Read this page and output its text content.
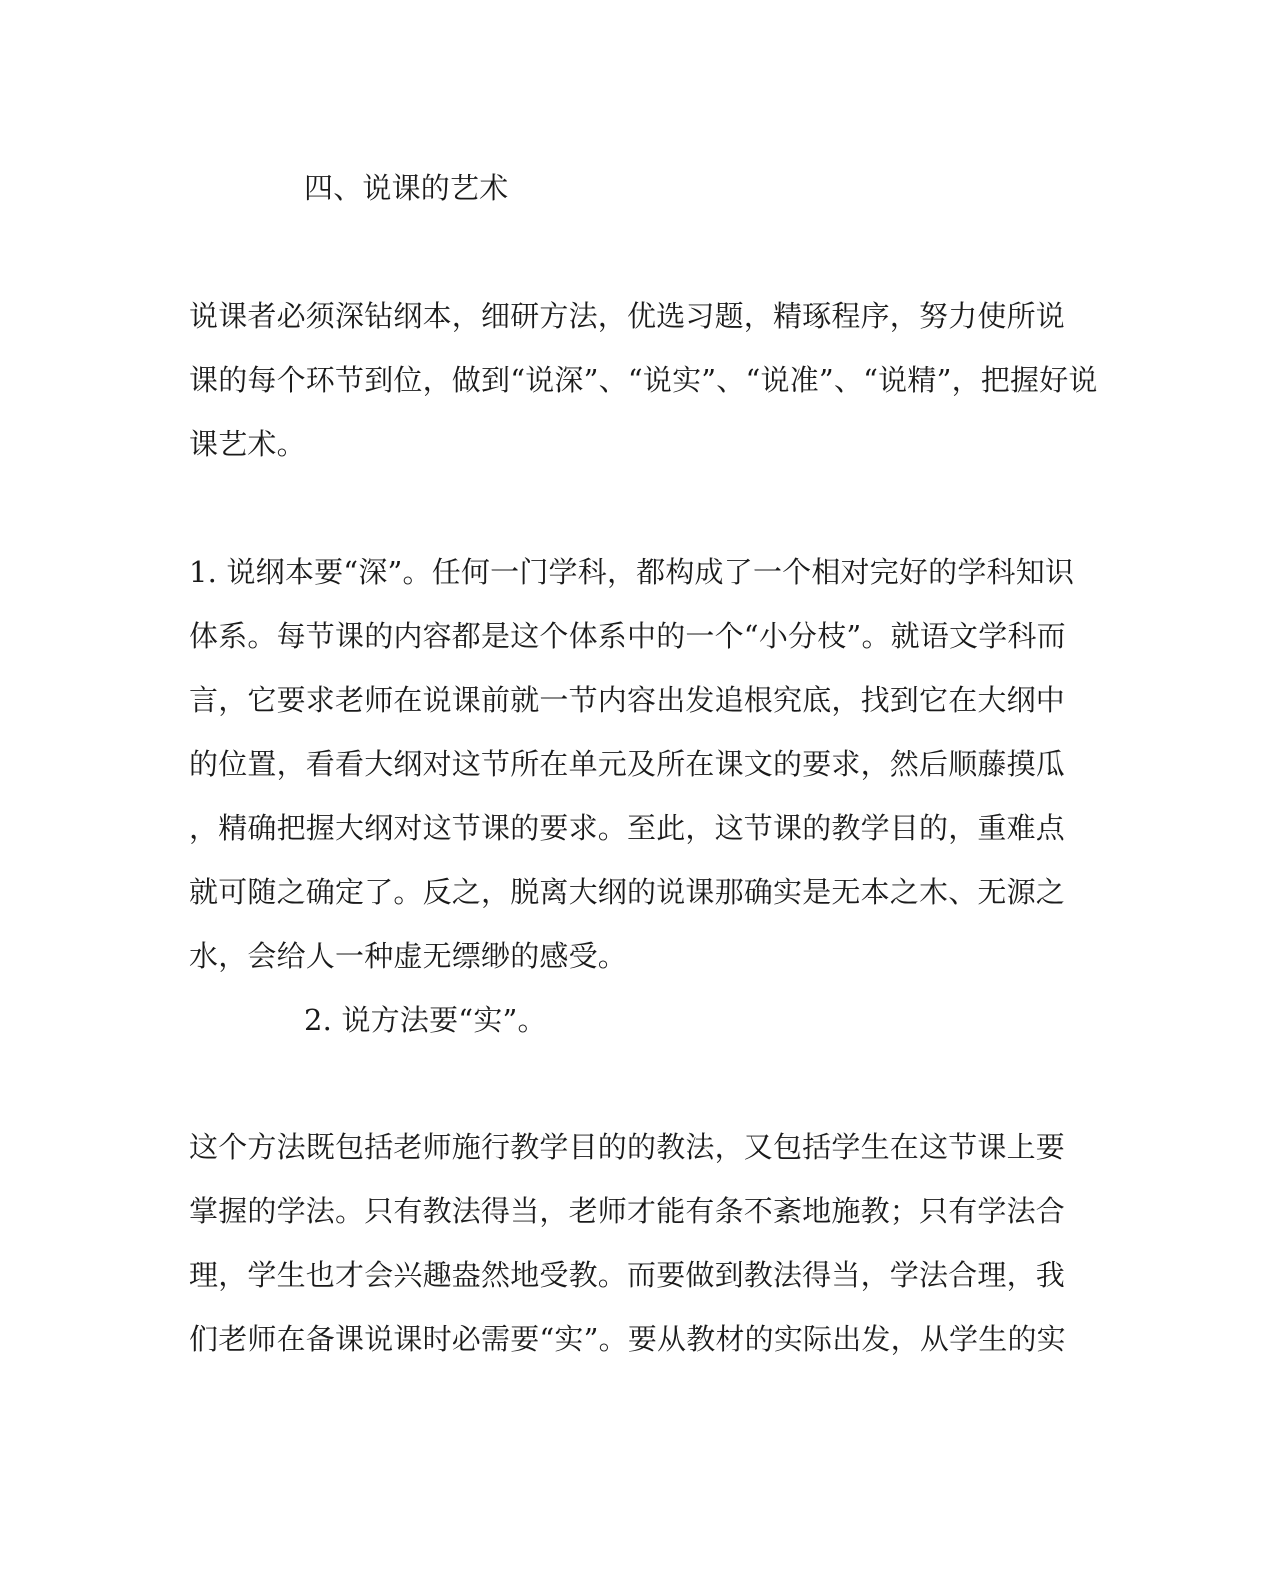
四、说课的艺术
说课者必须深钻纲本，细研方法，优选习题，精琢程序，努力使所说
课的每个环节到位，做到“说深”、“说实”、“说准”、“说精”，把握好说
课艺术。
1. 说纲本要“深”。任何一门学科，都构成了一个相对完好的学科知识
体系。每节课的内容都是这个体系中的一个“小分枝”。就语文学科而
言，它要求老师在说课前就一节内容出发追根究底，找到它在大纲中
的位置，看看大纲对这节所在单元及所在课文的要求，然后顺藤摸瓜
，精确把握大纲对这节课的要求。至此，这节课的教学目的，重难点
就可随之确定了。反之，脱离大纲的说课那确实是无本之木、无源之
水，会给人一种虚无缥缈的感受。
2. 说方法要“实”。
这个方法既包括老师施行教学目的的教法，又包括学生在这节课上要
掌握的学法。只有教法得当，老师才能有条不紊地施教；只有学法合
理，学生也才会兴趣盎然地受教。而要做到教法得当，学法合理，我
们老师在备课说课时必需要“实”。要从教材的实际出发，从学生的实
